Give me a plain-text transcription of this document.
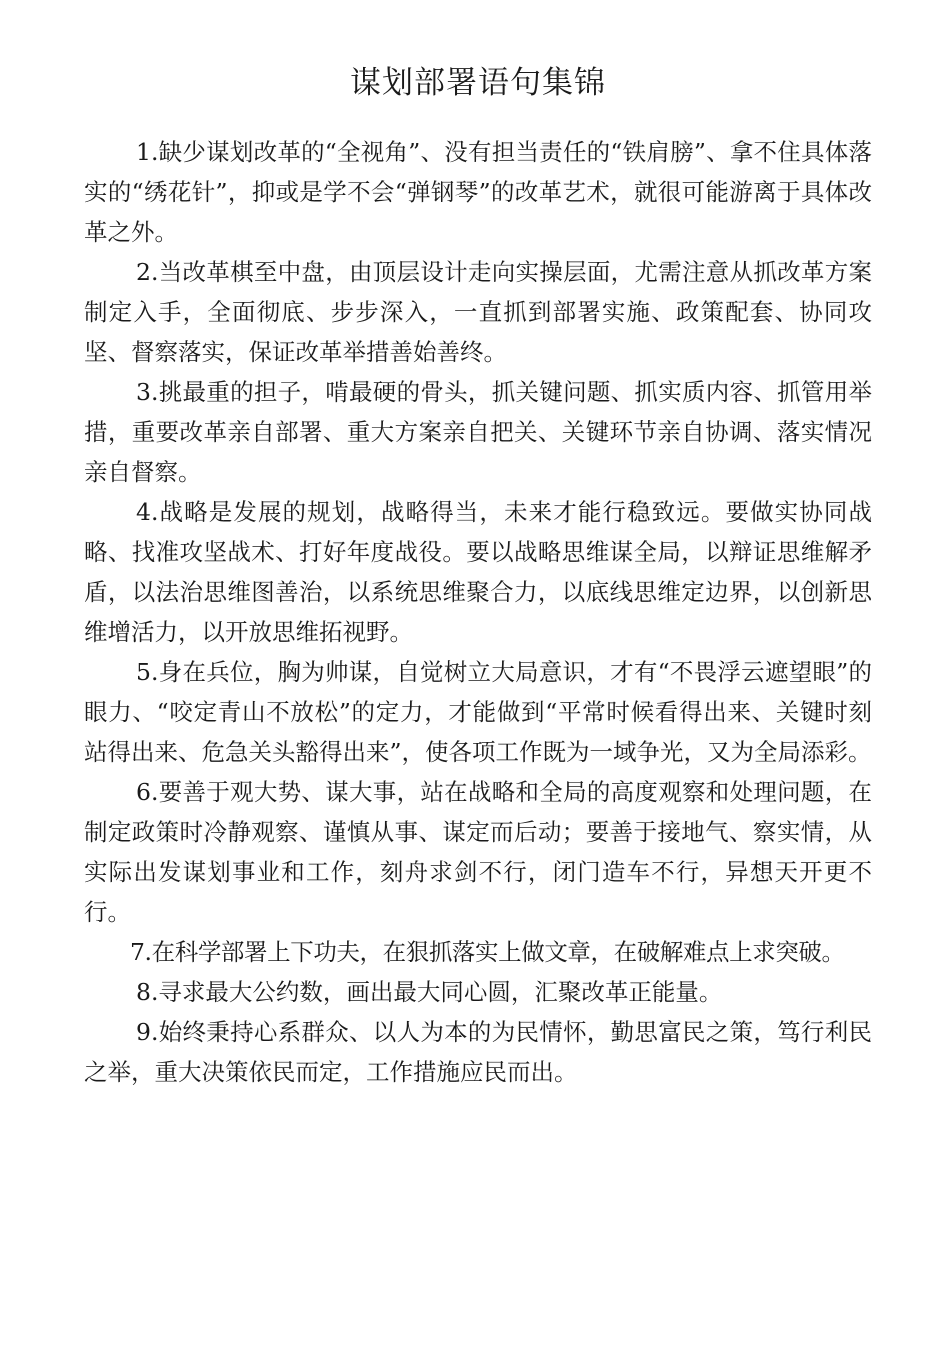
谋划部署语句集锦

1.缺少谋划改革的“全视角”、没有担当责任的“铁肩膀”、拿不住具体落实的“绣花针”，抑或是学不会“弹钢琴”的改革艺术，就很可能游离于具体改革之外。

2.当改革棋至中盘，由顶层设计走向实操层面，尤需注意从抓改革方案制定入手，全面彻底、步步深入，一直抓到部署实施、政策配套、协同攻坚、督察落实，保证改革举措善始善终。

3.挑最重的担子，啃最硬的骨头，抓关键问题、抓实质内容、抓管用举措，重要改革亲自部署、重大方案亲自把关、关键环节亲自协调、落实情况亲自督察。

4.战略是发展的规划，战略得当，未来才能行稳致远。要做实协同战略、找准攻坚战术、打好年度战役。要以战略思维谋全局，以辩证思维解矛盾，以法治思维图善治，以系统思维聚合力，以底线思维定边界，以创新思维增活力，以开放思维拓视野。

5.身在兵位，胸为帅谋，自觉树立大局意识，才有“不畏浮云遮望眼”的眼力、“咬定青山不放松”的定力，才能做到“平常时候看得出来、关键时刻站得出来、危急关头豁得出来”，使各项工作既为一域争光，又为全局添彩。

6.要善于观大势、谋大事，站在战略和全局的高度观察和处理问题，在制定政策时冷静观察、谨慎从事、谋定而后动；要善于接地气、察实情，从实际出发谋划事业和工作，刻舟求剑不行，闭门造车不行，异想天开更不行。

7.在科学部署上下功夫，在狠抓落实上做文章，在破解难点上求突破。

8.寻求最大公约数，画出最大同心圆，汇聚改革正能量。

9.始终秉持心系群众、以人为本的为民情怀，勤思富民之策，笃行利民之举，重大决策依民而定，工作措施应民而出。
